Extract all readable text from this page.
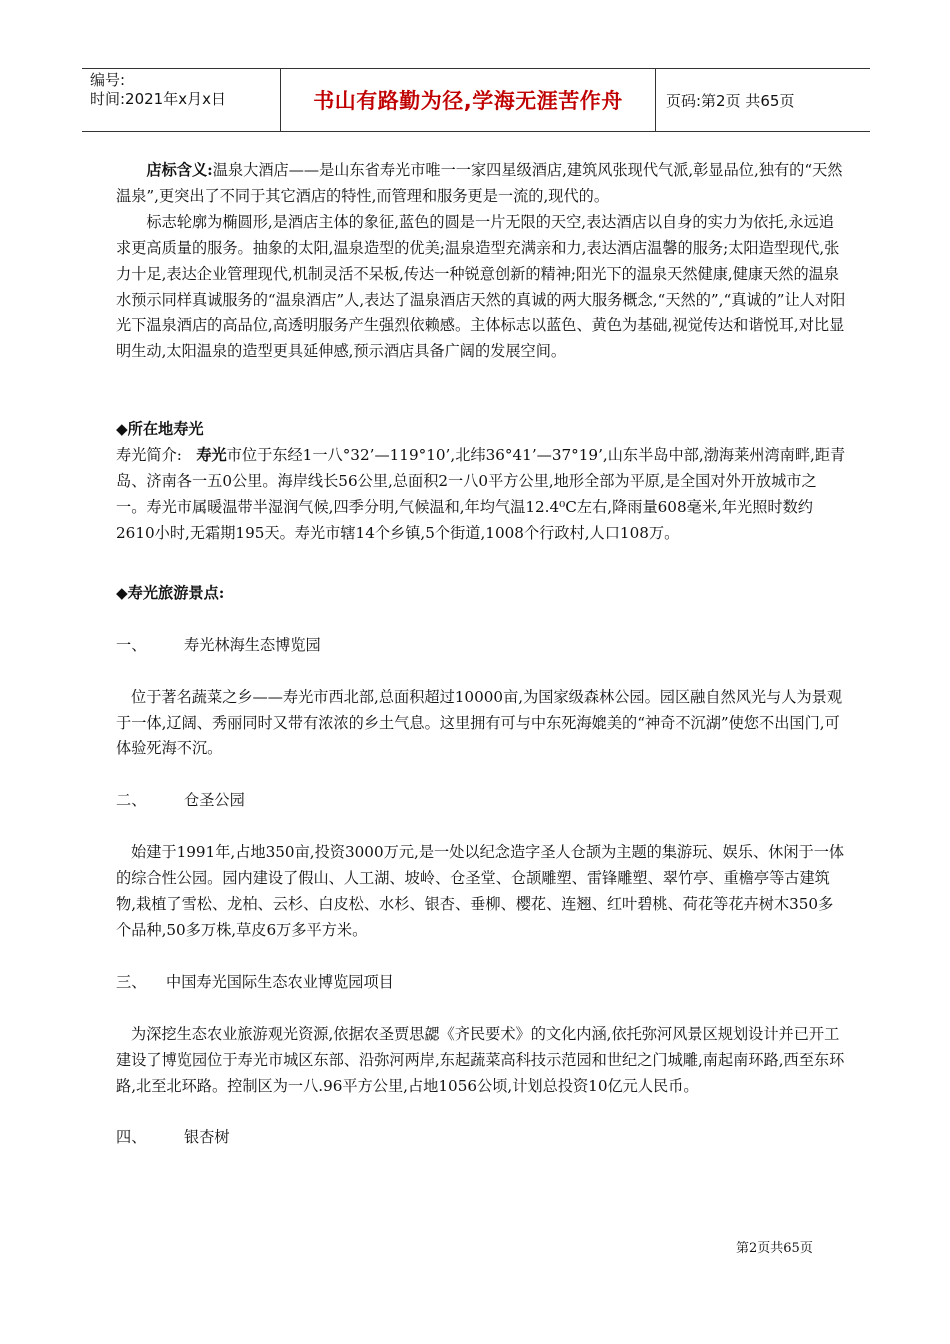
编号:
时间:2021年x月x日	书山有路勤为径,学海无涯苦作舟	页码:第2页 共65页

店标含义:温泉大酒店——是山东省寿光市唯一一家四星级酒店,建筑风张现代气派,彰显品位,独有的“天然温泉”,更突出了不同于其它酒店的特性,而管理和服务更是一流的,现代的。

标志轮廓为椭圆形,是酒店主体的象征,蓝色的圆是一片无限的天空,表达酒店以自身的实力为依托,永远追求更高质量的服务。抽象的太阳,温泉造型的优美;温泉造型充满亲和力,表达酒店温馨的服务;太阳造型现代,张力十足,表达企业管理现代,机制灵活不呆板,传达一种锐意创新的精神;阳光下的温泉天然健康,健康天然的温泉水预示同样真诚服务的“温泉酒店”人,表达了温泉酒店天然的真诚的两大服务概念,“天然的”,“真诚的”让人对阳光下温泉酒店的高品位,高透明服务产生强烈依赖感。主体标志以蓝色、黄色为基础,视觉传达和谐悦耳,对比显明生动,太阳温泉的造型更具延伸感,预示酒店具备广阔的发展空间。

◆所在地寿光

寿光简介: 寿光市位于东经1一八°32’—119°10’,北纬36°41’—37°19’,山东半岛中部,渤海莱州湾南畔,距青岛、济南各一五0公里。海岸线长56公里,总面积2一八0平方公里,地形全部为平原,是全国对外开放城市之一。寿光市属暖温带半湿润气候,四季分明,气候温和,年均气温12.4⁰C左右,降雨量608毫米,年光照时数约2610小时,无霜期195天。寿光市辖14个乡镇,5个街道,1008个行政村,人口108万。

◆寿光旅游景点:

一、	寿光林海生态博览园

位于著名蔬菜之乡——寿光市西北部,总面积超过10000亩,为国家级森林公园。园区融自然风光与人为景观于一体,辽阔、秀丽同时又带有浓浓的乡土气息。这里拥有可与中东死海媲美的“神奇不沉湖”使您不出国门,可体验死海不沉。

二、	仓圣公园

始建于1991年,占地350亩,投资3000万元,是一处以纪念造字圣人仓颉为主题的集游玩、娱乐、休闲于一体的综合性公园。园内建设了假山、人工湖、坡岭、仓圣堂、仓颉雕塑、雷锋雕塑、翠竹亭、重檐亭等古建筑物,栽植了雪松、龙柏、云杉、白皮松、水杉、银杏、垂柳、樱花、连翘、红叶碧桃、荷花等花卉树木350多个品种,50多万株,草皮6万多平方米。

三、	中国寿光国际生态农业博览园项目

为深挖生态农业旅游观光资源,依据农圣贾思勰《齐民要术》的文化内涵,依托弥河风景区规划设计并已开工建设了博览园位于寿光市城区东部、沿弥河两岸,东起蔬菜高科技示范园和世纪之门城雕,南起南环路,西至东环路,北至北环路。控制区为一八.96平方公里,占地1056公顷,计划总投资10亿元人民币。

四、	银杏树
第2页共65页
